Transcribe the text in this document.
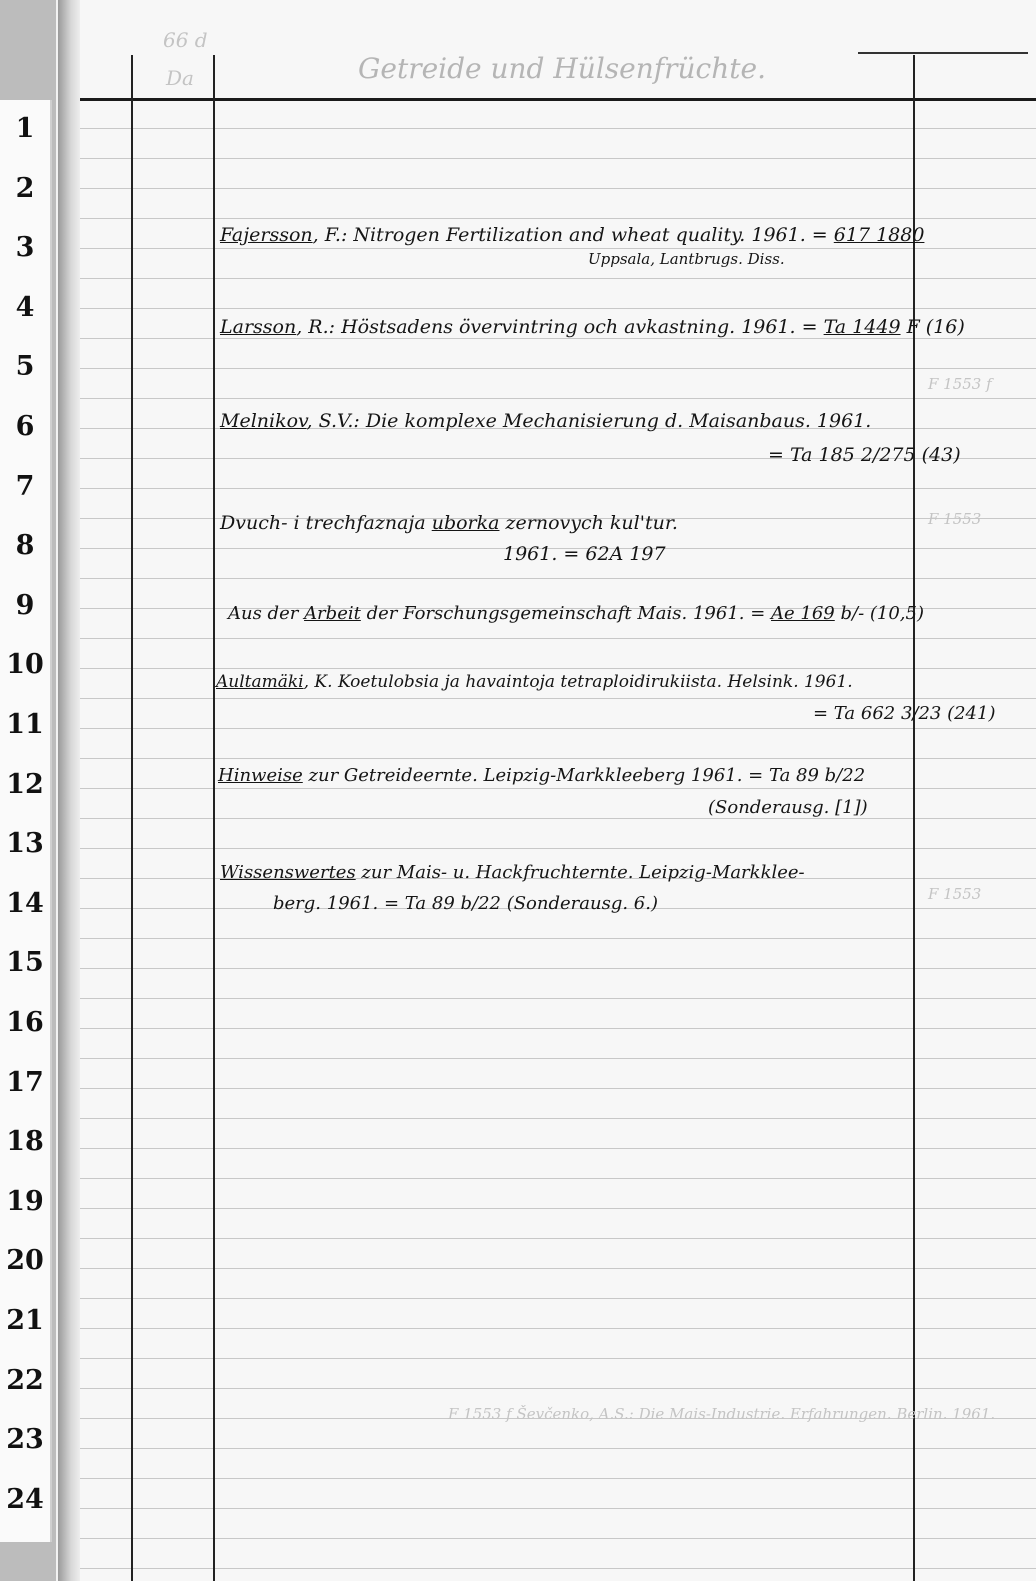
1
2
3
4
5
6
7
8
9
10
11
12
13
14
15
16
17
18
19
20
21
22
23
24
66 d
Da	Getreide und Hülsenfrüchte.
F 1553 f
F 1553
F 1553
F 1553 f Ševčenko, A.S.: Die Mais-Industrie. Erfahrungen. Berlin. 1961.
Fajersson, F.: Nitrogen Fertilization and wheat quality. 1961. = 617 1880
Uppsala, Lantbrugs. Diss.
Larsson, R.: Höstsadens övervintring och avkastning. 1961. = Ta 1449 F (16)
Melnikov, S.V.: Die komplexe Mechanisierung d. Maisanbaus. 1961.
= Ta 185 2/275 (43)
Dvuch- i trechfaznaja uborka zernovych kul'tur.
1961. = 62A 197
Aus der Arbeit der Forschungsgemeinschaft Mais. 1961. = Ae 169 b/- (10,5)
Aultamäki, K. Koetulobsia ja havaintoja tetraploidirukiista. Helsink. 1961.
= Ta 662 3/23 (241)
Hinweise zur Getreideernte. Leipzig-Markkleeberg 1961. = Ta 89 b/22
(Sonderausg. [1])
Wissenswertes zur Mais- u. Hackfruchternte. Leipzig-Markklee-
berg. 1961. = Ta 89 b/22 (Sonderausg. 6.)
